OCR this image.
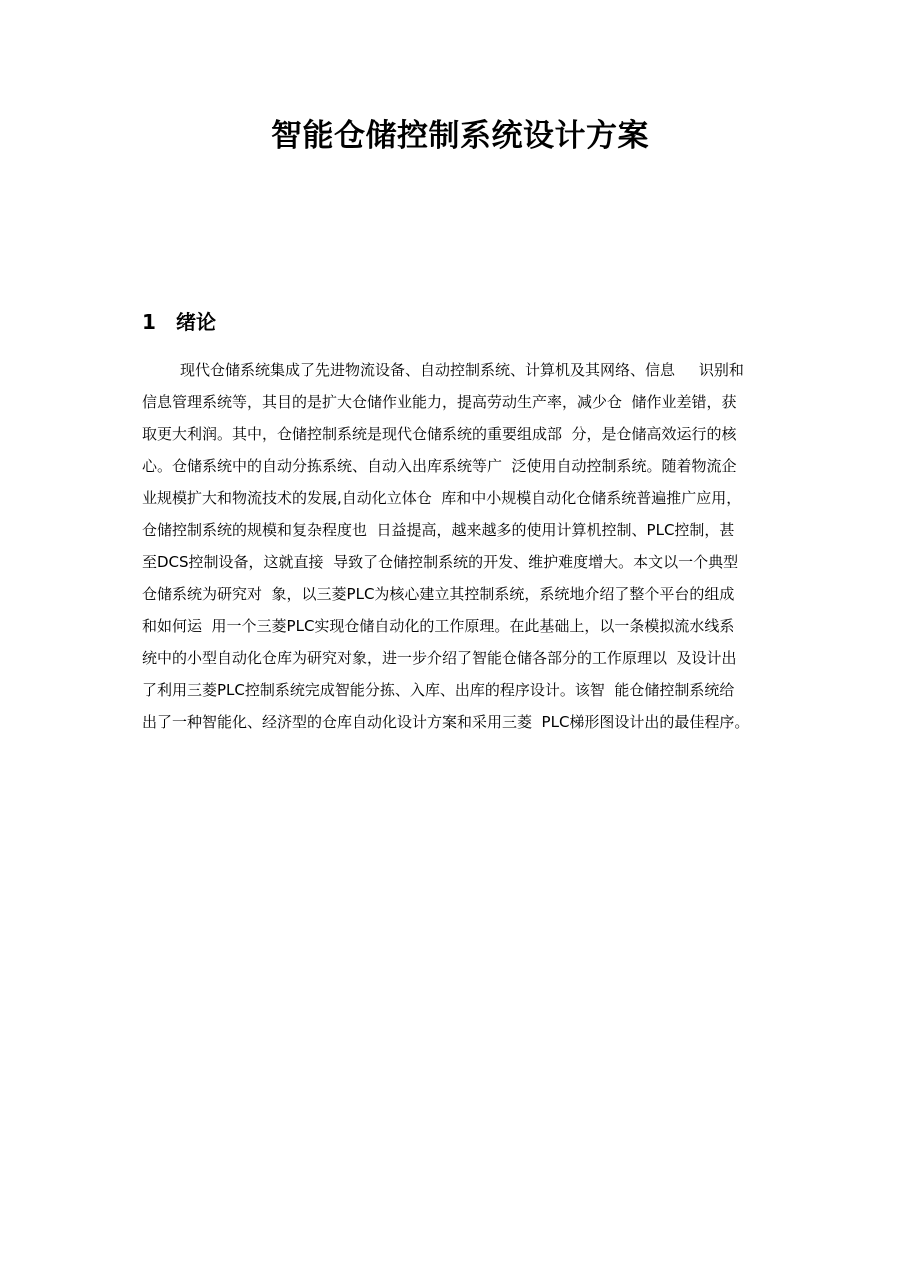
智能仓储控制系统设计方案
1 绪论
现代仓储系统集成了先进物流设备、自动控制系统、计算机及其网络、信息     识别和
信息管理系统等，其目的是扩大仓储作业能力，提高劳动生产率，减少仓  储作业差错，获
取更大利润。其中，仓储控制系统是现代仓储系统的重要组成部  分，是仓储高效运行的核
心。仓储系统中的自动分拣系统、自动入出库系统等广  泛使用自动控制系统。随着物流企
业规模扩大和物流技术的发展,自动化立体仓  库和中小规模自动化仓储系统普遍推广应用，
仓储控制系统的规模和复杂程度也  日益提高，越来越多的使用计算机控制、PLC控制，甚
至DCS控制设备，这就直接  导致了仓储控制系统的开发、维护难度增大。本文以一个典型
仓储系统为研究对  象，以三菱PLC为核心建立其控制系统，系统地介绍了整个平台的组成
和如何运  用一个三菱PLC实现仓储自动化的工作原理。在此基础上，以一条模拟流水线系
统中的小型自动化仓库为研究对象，进一步介绍了智能仓储各部分的工作原理以  及设计出
了利用三菱PLC控制系统完成智能分拣、入库、出库的程序设计。该智  能仓储控制系统给
出了一种智能化、经济型的仓库自动化设计方案和采用三菱  PLC梯形图设计出的最佳程序。
